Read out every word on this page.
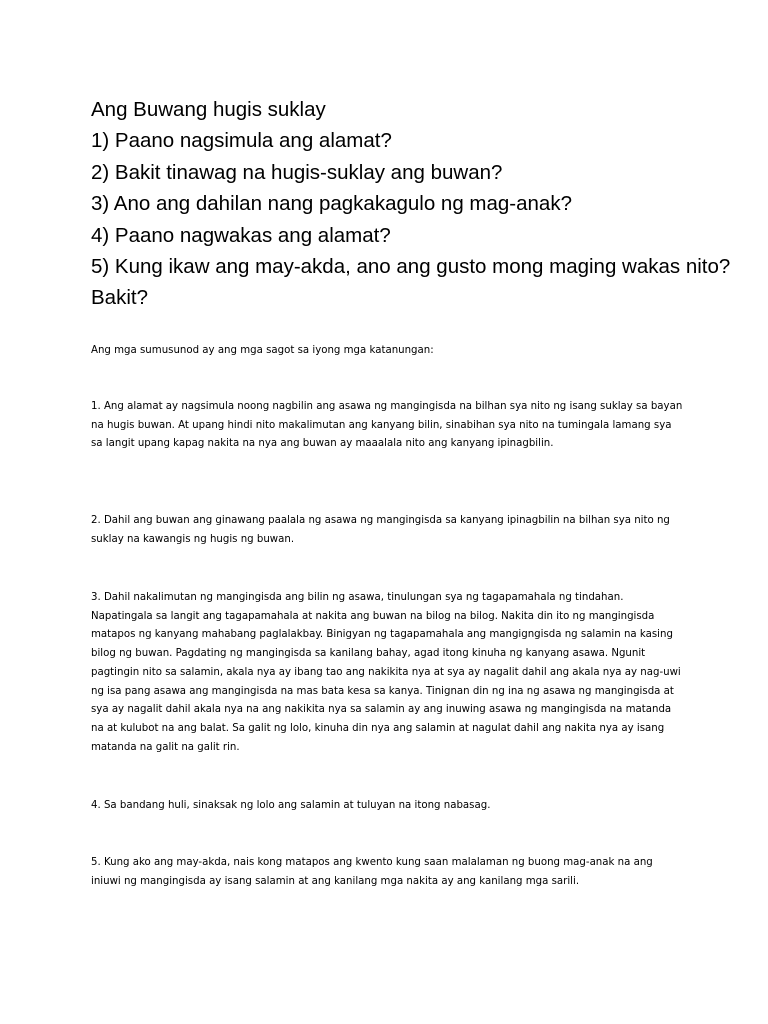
Ang Buwang hugis suklay
1) Paano nagsimula ang alamat?
2) Bakit tinawag na hugis-suklay ang buwan?
3) Ano ang dahilan nang pagkakagulo ng mag-anak?
4) Paano nagwakas ang alamat?
5) Kung ikaw ang may-akda, ano ang gusto mong maging wakas nito? Bakit?

Ang mga sumusunod ay ang mga sagot sa iyong mga katanungan:

1. Ang alamat ay nagsimula noong nagbilin ang asawa ng mangingisda na bilhan sya nito ng isang suklay sa bayan na hugis buwan. At upang hindi nito makalimutan ang kanyang bilin, sinabihan sya nito na tumingala lamang sya sa langit upang kapag nakita na nya ang buwan ay maaalala nito ang kanyang ipinagbilin.

2. Dahil ang buwan ang ginawang paalala ng asawa ng mangingisda sa kanyang ipinagbilin na bilhan sya nito ng suklay na kawangis ng hugis ng buwan.

3. Dahil nakalimutan ng mangingisda ang bilin ng asawa, tinulungan sya ng tagapamahala ng tindahan. Napatingala sa langit ang tagapamahala at nakita ang buwan na bilog na bilog. Nakita din ito ng mangingisda matapos ng kanyang mahabang paglalakbay. Binigyan ng tagapamahala ang mangigngisda ng salamin na kasing bilog ng buwan. Pagdating ng mangingisda sa kanilang bahay, agad itong kinuha ng kanyang asawa. Ngunit pagtingin nito sa salamin, akala nya ay ibang tao ang nakikita nya at sya ay nagalit dahil ang akala nya ay nag-uwi ng isa pang asawa ang mangingisda na mas bata kesa sa kanya. Tinignan din ng ina ng asawa ng mangingisda at sya ay nagalit dahil akala nya na ang nakikita nya sa salamin ay ang inuwing asawa ng mangingisda na matanda na at kulubot na ang balat. Sa galit ng lolo, kinuha din nya ang salamin at nagulat dahil ang nakita nya ay isang matanda na galit na galit rin.

4. Sa bandang huli, sinaksak ng lolo ang salamin at tuluyan na itong nabasag.

5. Kung ako ang may-akda, nais kong matapos ang kwento kung saan malalaman ng buong mag-anak na ang iniuwi ng mangingisda ay isang salamin at ang kanilang mga nakita ay ang kanilang mga sarili.
